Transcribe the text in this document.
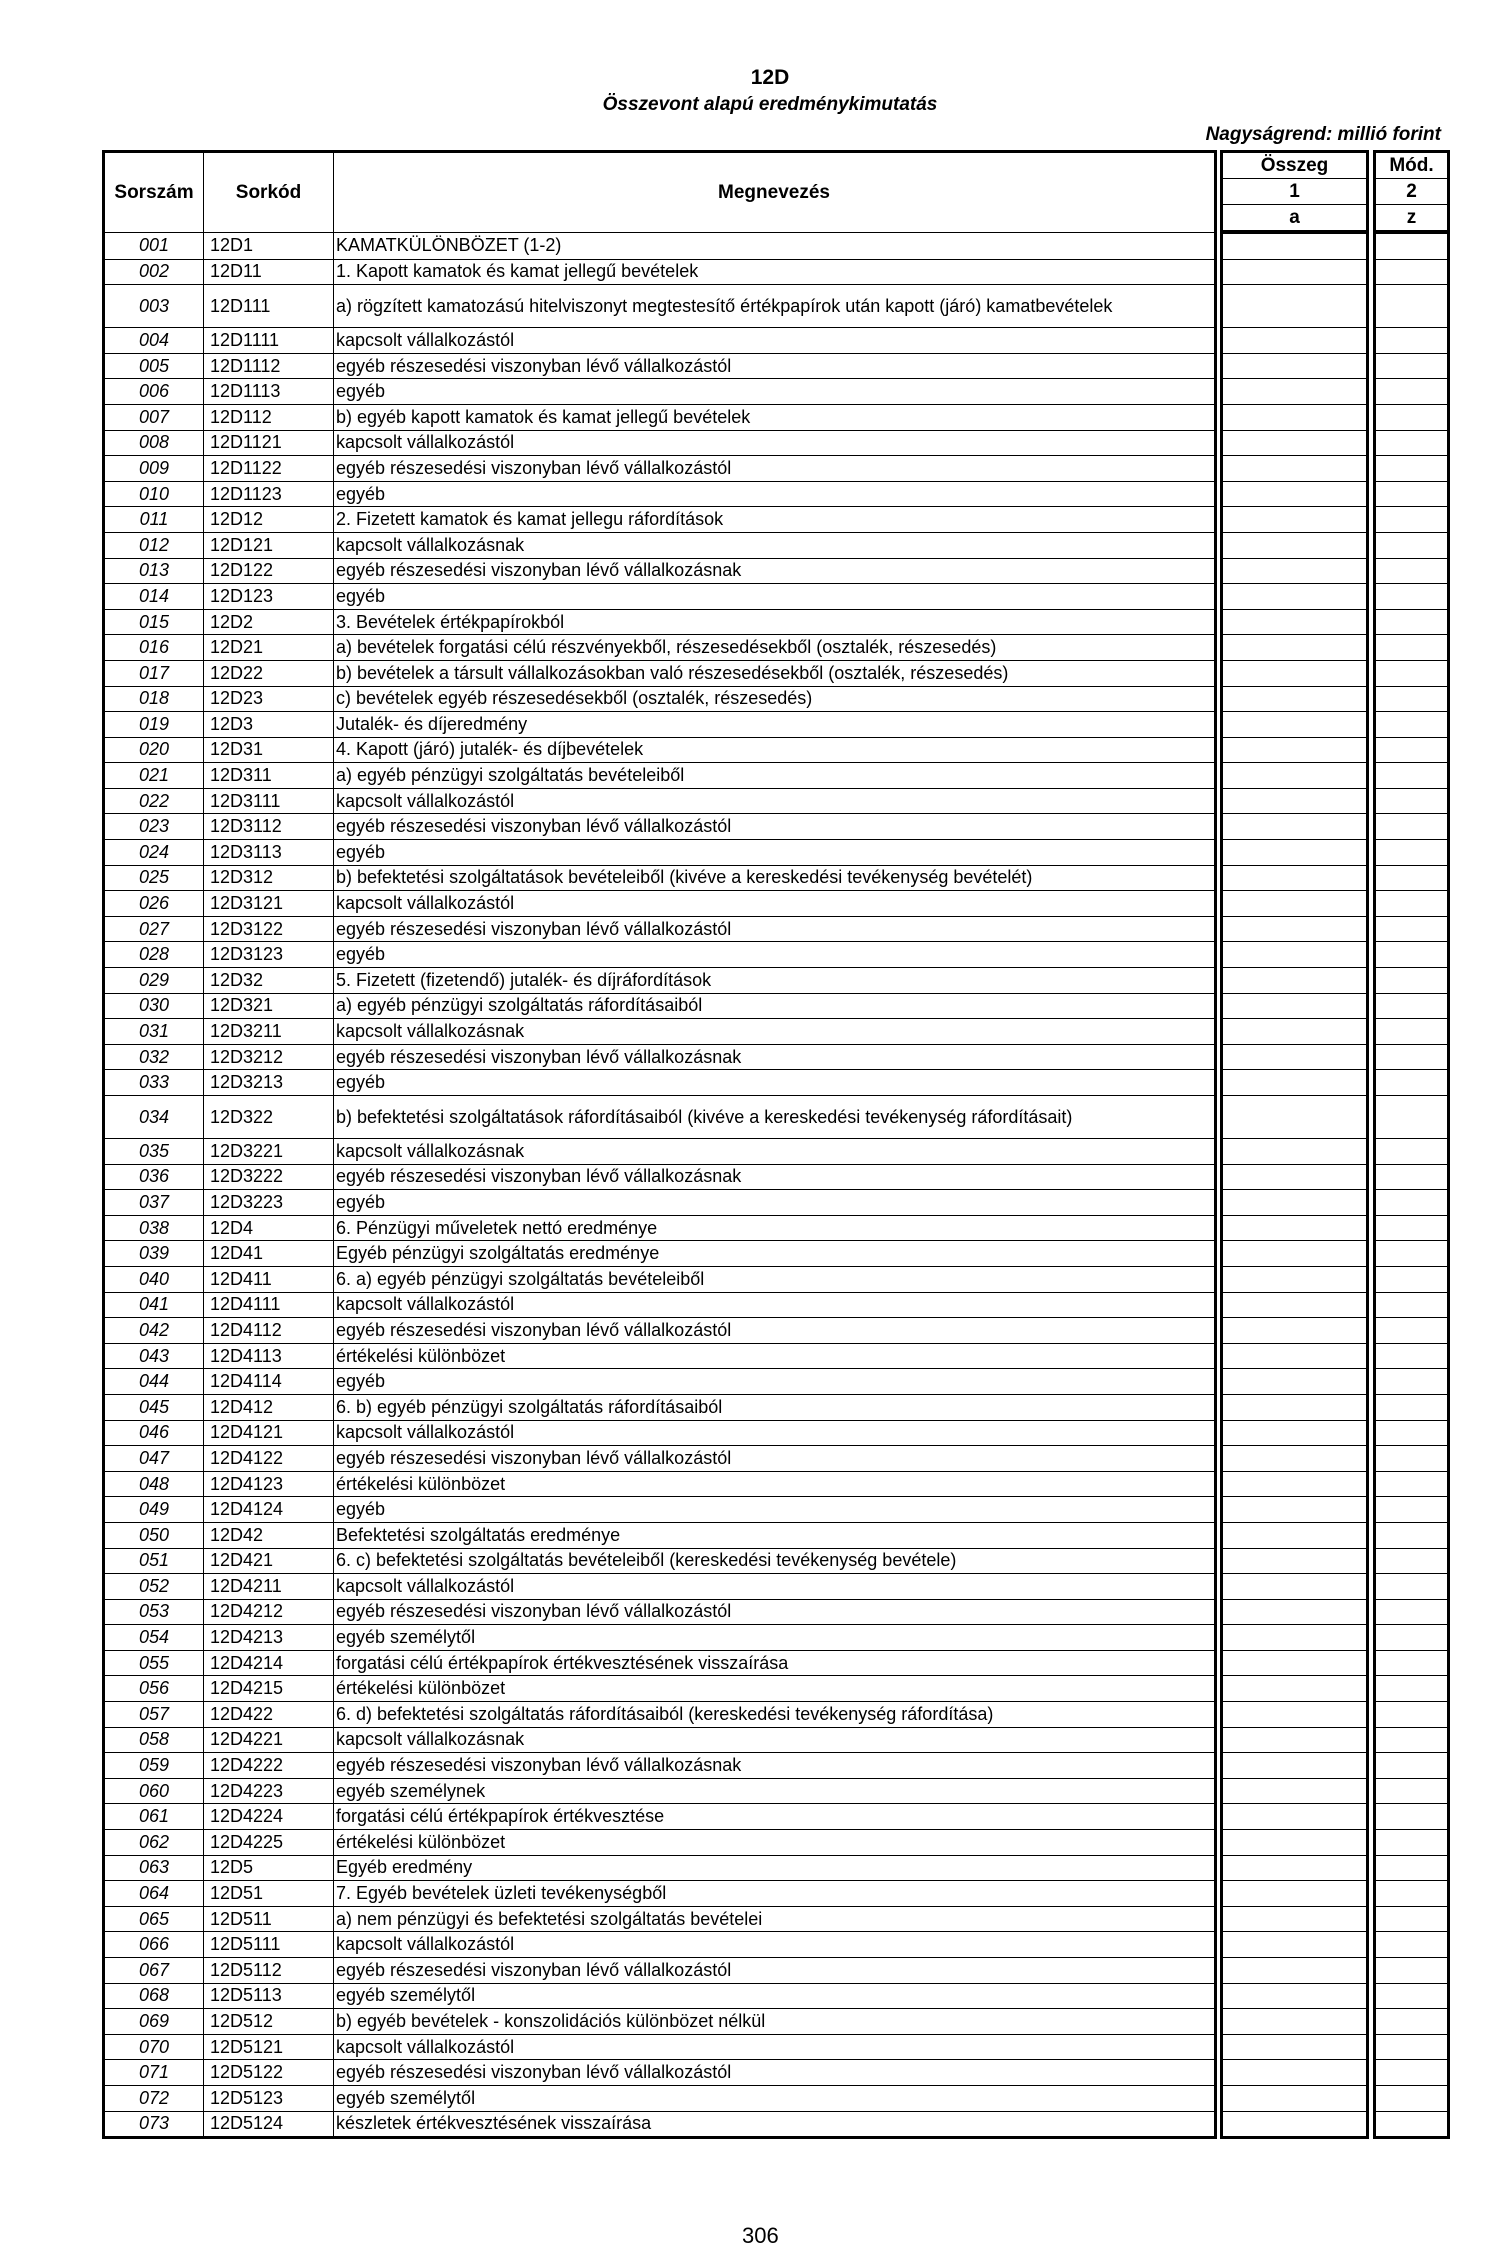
12D
Összevont alapú eredménykimutatás
Nagyságrend: millió forint
Sorszám	Sorkód	Megnevezés		Összeg		Mód.
				1		2
				a		z
001	12D1	KAMATKÜLÖNBÖZET (1-2)				
002	12D11	1. Kapott kamatok és kamat jellegű bevételek				
003	12D111	a) rögzített kamatozású hitelviszonyt megtestesítő értékpapírok után kapott (járó) kamatbevételek				
004	12D1111	kapcsolt vállalkozástól				
005	12D1112	egyéb részesedési viszonyban lévő vállalkozástól				
006	12D1113	egyéb				
007	12D112	b) egyéb kapott kamatok és kamat jellegű bevételek				
008	12D1121	kapcsolt vállalkozástól				
009	12D1122	egyéb részesedési viszonyban lévő vállalkozástól				
010	12D1123	egyéb				
011	12D12	2. Fizetett kamatok és kamat jellegu ráfordítások				
012	12D121	kapcsolt vállalkozásnak				
013	12D122	egyéb részesedési viszonyban lévő vállalkozásnak				
014	12D123	egyéb				
015	12D2	3. Bevételek értékpapírokból				
016	12D21	a) bevételek forgatási célú részvényekből, részesedésekből (osztalék, részesedés)				
017	12D22	b) bevételek a társult vállalkozásokban való részesedésekből (osztalék, részesedés)				
018	12D23	c) bevételek egyéb részesedésekből (osztalék, részesedés)				
019	12D3	Jutalék- és díjeredmény				
020	12D31	4. Kapott (járó) jutalék- és díjbevételek				
021	12D311	a) egyéb pénzügyi szolgáltatás bevételeiből				
022	12D3111	kapcsolt vállalkozástól				
023	12D3112	egyéb részesedési viszonyban lévő vállalkozástól				
024	12D3113	egyéb				
025	12D312	b) befektetési szolgáltatások bevételeiből (kivéve a kereskedési tevékenység bevételét)				
026	12D3121	kapcsolt vállalkozástól				
027	12D3122	egyéb részesedési viszonyban lévő vállalkozástól				
028	12D3123	egyéb				
029	12D32	5. Fizetett (fizetendő) jutalék- és díjráfordítások				
030	12D321	a) egyéb pénzügyi szolgáltatás ráfordításaiból				
031	12D3211	kapcsolt vállalkozásnak				
032	12D3212	egyéb részesedési viszonyban lévő vállalkozásnak				
033	12D3213	egyéb				
034	12D322	b) befektetési szolgáltatások ráfordításaiból (kivéve a kereskedési tevékenység ráfordításait)				
035	12D3221	kapcsolt vállalkozásnak				
036	12D3222	egyéb részesedési viszonyban lévő vállalkozásnak				
037	12D3223	egyéb				
038	12D4	6. Pénzügyi műveletek nettó eredménye				
039	12D41	Egyéb pénzügyi szolgáltatás eredménye				
040	12D411	6. a) egyéb pénzügyi szolgáltatás bevételeiből				
041	12D4111	kapcsolt vállalkozástól				
042	12D4112	egyéb részesedési viszonyban lévő vállalkozástól				
043	12D4113	értékelési különbözet				
044	12D4114	egyéb				
045	12D412	6. b) egyéb pénzügyi szolgáltatás ráfordításaiból				
046	12D4121	kapcsolt vállalkozástól				
047	12D4122	egyéb részesedési viszonyban lévő vállalkozástól				
048	12D4123	értékelési különbözet				
049	12D4124	egyéb				
050	12D42	Befektetési szolgáltatás eredménye				
051	12D421	6. c) befektetési szolgáltatás bevételeiből (kereskedési tevékenység bevétele)				
052	12D4211	kapcsolt vállalkozástól				
053	12D4212	egyéb részesedési viszonyban lévő vállalkozástól				
054	12D4213	egyéb személytől				
055	12D4214	forgatási célú értékpapírok értékvesztésének visszaírása				
056	12D4215	értékelési különbözet				
057	12D422	6. d) befektetési szolgáltatás ráfordításaiból (kereskedési tevékenység ráfordítása)				
058	12D4221	kapcsolt vállalkozásnak				
059	12D4222	egyéb részesedési viszonyban lévő vállalkozásnak				
060	12D4223	egyéb személynek				
061	12D4224	forgatási célú értékpapírok értékvesztése				
062	12D4225	értékelési különbözet				
063	12D5	Egyéb eredmény				
064	12D51	7. Egyéb bevételek üzleti tevékenységből				
065	12D511	a) nem pénzügyi és befektetési szolgáltatás bevételei				
066	12D5111	kapcsolt vállalkozástól				
067	12D5112	egyéb részesedési viszonyban lévő vállalkozástól				
068	12D5113	egyéb személytől				
069	12D512	b) egyéb bevételek - konszolidációs különbözet nélkül				
070	12D5121	kapcsolt vállalkozástól				
071	12D5122	egyéb részesedési viszonyban lévő vállalkozástól				
072	12D5123	egyéb személytől				
073	12D5124	készletek értékvesztésének visszaírása				
306
